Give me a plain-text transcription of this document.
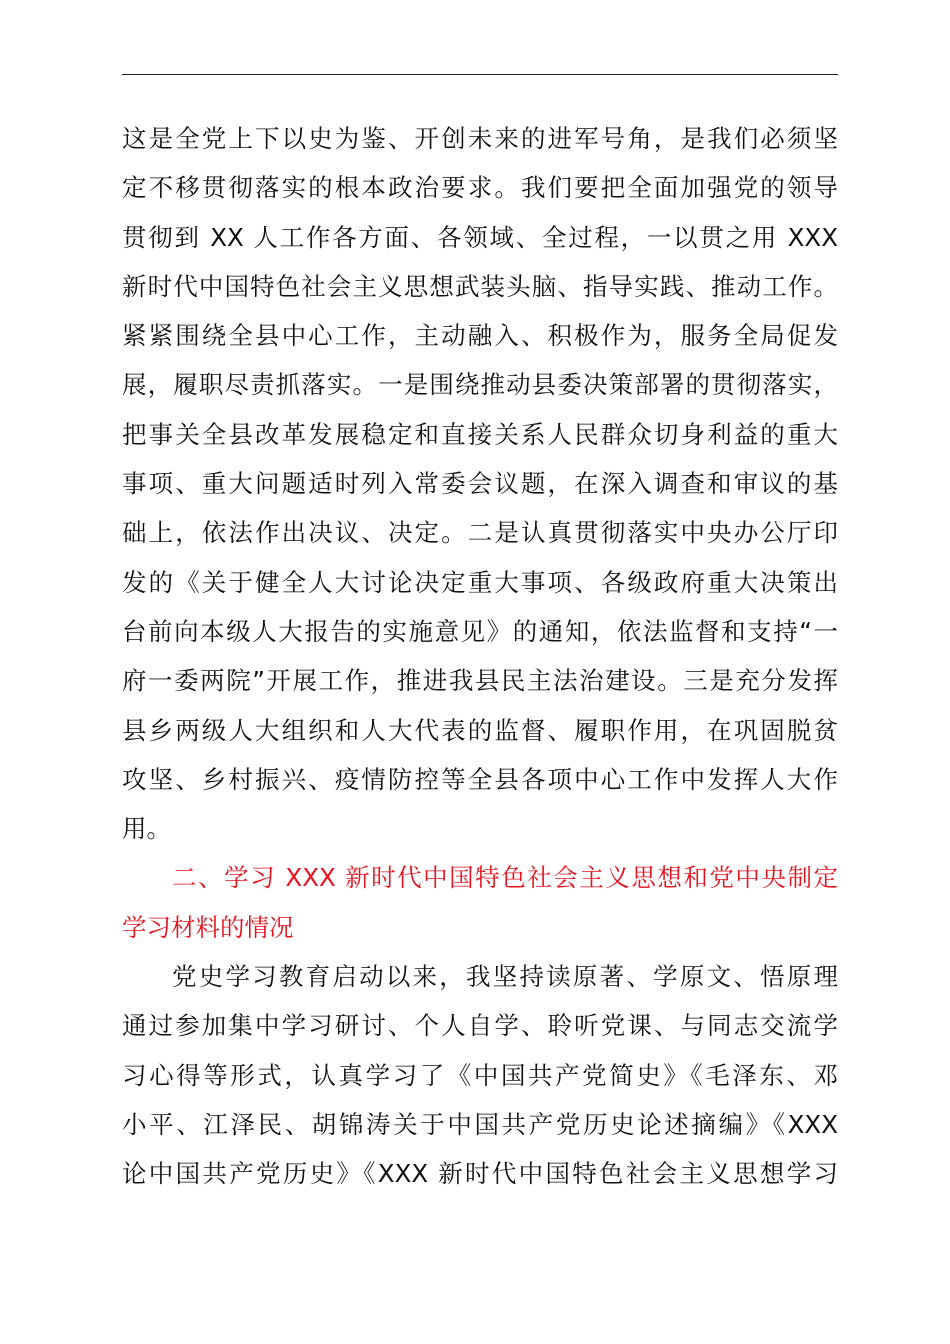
这是全党上下以史为鉴、开创未来的进军号角，是我们必须坚
定不移贯彻落实的根本政治要求。我们要把全面加强党的领导
贯彻到 XX 人工作各方面、各领域、全过程，一以贯之用 XXX
新时代中国特色社会主义思想武装头脑、指导实践、推动工作。
紧紧围绕全县中心工作，主动融入、积极作为，服务全局促发
展，履职尽责抓落实。一是围绕推动县委决策部署的贯彻落实，
把事关全县改革发展稳定和直接关系人民群众切身利益的重大
事项、重大问题适时列入常委会议题，在深入调查和审议的基
础上，依法作出决议、决定。二是认真贯彻落实中央办公厅印
发的《关于健全人大讨论决定重大事项、各级政府重大决策出
台前向本级人大报告的实施意见》的通知，依法监督和支持“一
府一委两院”开展工作，推进我县民主法治建设。三是充分发挥
县乡两级人大组织和人大代表的监督、履职作用，在巩固脱贫
攻坚、乡村振兴、疫情防控等全县各项中心工作中发挥人大作
用。
二、学习 XXX 新时代中国特色社会主义思想和党中央制定
学习材料的情况
党史学习教育启动以来，我坚持读原著、学原文、悟原理
通过参加集中学习研讨、个人自学、聆听党课、与同志交流学
习心得等形式，认真学习了《中国共产党简史》《毛泽东、邓
小平、江泽民、胡锦涛关于中国共产党历史论述摘编》《XXX
论中国共产党历史》《XXX 新时代中国特色社会主义思想学习
